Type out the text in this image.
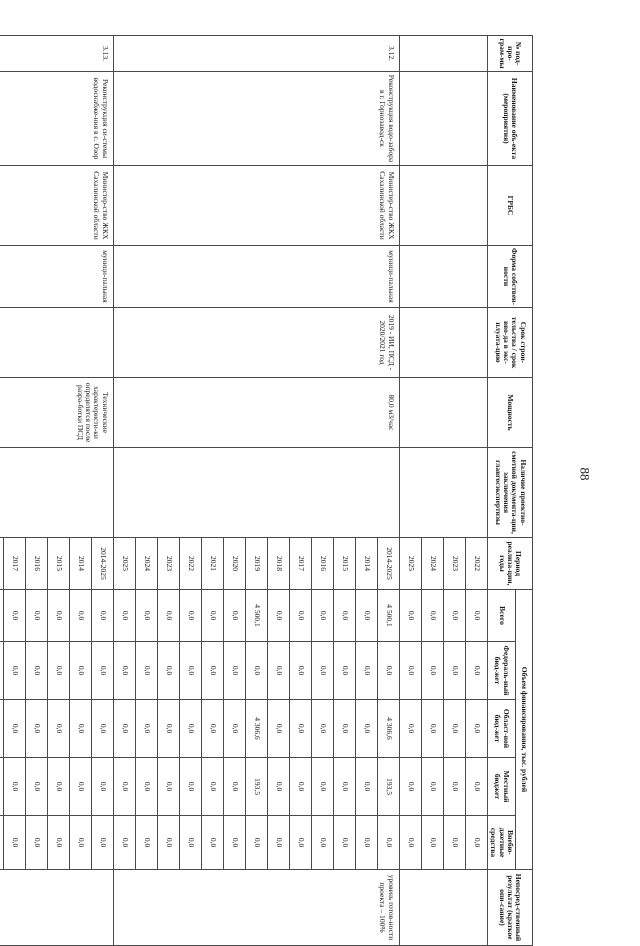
88
№ под-про-грам-мы	Наименование объ-екта (мероприятия)	ГРБС	Форма собствен-ности	Срок строи-тельства / срок вво-да в экс-плуата-цию	Мощность	Наличие проектно-сметной документа-ции, заключения главгосэкспертизы	Период реализа-ции, годы	Объем финансирования, тыс. рублей					Непосред-ственный результат (краткое опи-сание)
								Всего	Федераль-ный бюд-жет	Област-ной бюд-жет	Местный бюджет	Внебю-джетные средства	
							2022	0,0	0,0	0,0	0,0	0,0	
							2023	0,0	0,0	0,0	0,0	0,0	
							2024	0,0	0,0	0,0	0,0	0,0	
							2025	0,0	0,0	0,0	0,0	0,0	
3.12.	Реконструкция водо-забора в г. Горнозавод-ск	Министер-ство ЖКХ Сахалинской области	муници-пальная	2019 - ИИ, ПСД - 2020/2021 год	80,0 м3/час		2014-2025	4 500,1	0,0	4 306,6	193,5	0,0	уровень готов-ности проекта – 100%
							2014	0,0	0,0	0,0	0,0	0,0	
							2015	0,0	0,0	0,0	0,0	0,0	
							2016	0,0	0,0	0,0	0,0	0,0	
							2017	0,0	0,0	0,0	0,0	0,0	
							2018	0,0	0,0	0,0	0,0	0,0	
							2019	4 500,1	0,0	4 306,6	193,5	0,0	
							2020	0,0	0,0	0,0	0,0	0,0	
							2021	0,0	0,0	0,0	0,0	0,0	
							2022	0,0	0,0	0,0	0,0	0,0	
							2023	0,0	0,0	0,0	0,0	0,0	
							2024	0,0	0,0	0,0	0,0	0,0	
							2025	0,0	0,0	0,0	0,0	0,0	
3.13.	Реконструкция си-стемы водоснабже-ния в с. Озор	Министер-ство ЖКХ Сахалинской области	муници-пальная		Технические характеристи-ки определятся после разра-ботки ПСД		2014-2025	0,0	0,0	0,0	0,0	0,0	
							2014	0,0	0,0	0,0	0,0	0,0	
							2015	0,0	0,0	0,0	0,0	0,0	
							2016	0,0	0,0	0,0	0,0	0,0	
							2017	0,0	0,0	0,0	0,0	0,0	
